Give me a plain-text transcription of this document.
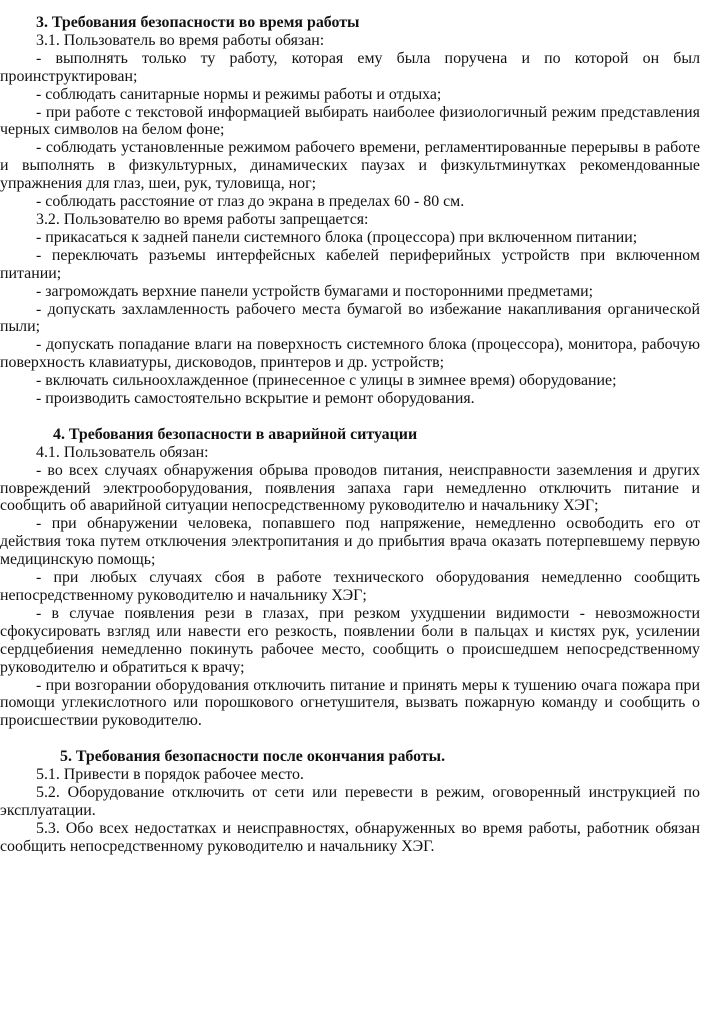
3. Требования безопасности во время работы
3.1. Пользователь во время работы обязан:
- выполнять только ту работу, которая ему была поручена и по которой он был проинструктирован;
- соблюдать санитарные нормы и режимы работы и отдыха;
- при работе с текстовой информацией выбирать наиболее физиологичный режим представления черных символов на белом фоне;
- соблюдать установленные режимом рабочего времени, регламентированные перерывы в работе и выполнять в физкультурных, динамических паузах и физкультминутках рекомендованные упражнения для глаз, шеи, рук, туловища, ног;
- соблюдать расстояние от глаз до экрана в пределах 60 - 80 см.
3.2. Пользователю во время работы запрещается:
- прикасаться к задней панели системного блока (процессора) при включенном питании;
- переключать разъемы интерфейсных кабелей периферийных устройств при включенном питании;
- загромождать верхние панели устройств бумагами и посторонними предметами;
- допускать захламленность рабочего места бумагой во избежание накапливания органической пыли;
- допускать попадание влаги на поверхность системного блока (процессора), монитора, рабочую поверхность клавиатуры, дисководов, принтеров и др. устройств;
- включать сильноохлажденное (принесенное с улицы в зимнее время) оборудование;
- производить самостоятельно вскрытие и ремонт оборудования.
4. Требования безопасности в аварийной ситуации
4.1. Пользователь обязан:
- во всех случаях обнаружения обрыва проводов питания, неисправности заземления и других повреждений электрооборудования, появления запаха гари немедленно отключить питание и сообщить об аварийной ситуации непосредственному руководителю и начальнику ХЭГ;
- при обнаружении человека, попавшего под напряжение, немедленно освободить его от действия тока путем отключения электропитания и до прибытия врача оказать потерпевшему первую медицинскую помощь;
- при любых случаях сбоя в работе технического оборудования немедленно сообщить непосредственному руководителю и начальнику ХЭГ;
- в случае появления рези в глазах, при резком ухудшении видимости - невозможности сфокусировать взгляд или навести его резкость, появлении боли в пальцах и кистях рук, усилении сердцебиения немедленно покинуть рабочее место, сообщить о происшедшем непосредственному руководителю и обратиться к врачу;
- при возгорании оборудования отключить питание и принять меры к тушению очага пожара при помощи углекислотного или порошкового огнетушителя, вызвать пожарную команду и сообщить о происшествии руководителю.
5. Требования безопасности после окончания работы.
5.1. Привести в порядок рабочее место.
5.2. Оборудование отключить от сети или перевести в режим, оговоренный инструкцией по эксплуатации.
5.3. Обо всех недостатках и неисправностях, обнаруженных во время работы, работник обязан сообщить непосредственному руководителю и начальнику ХЭГ.
